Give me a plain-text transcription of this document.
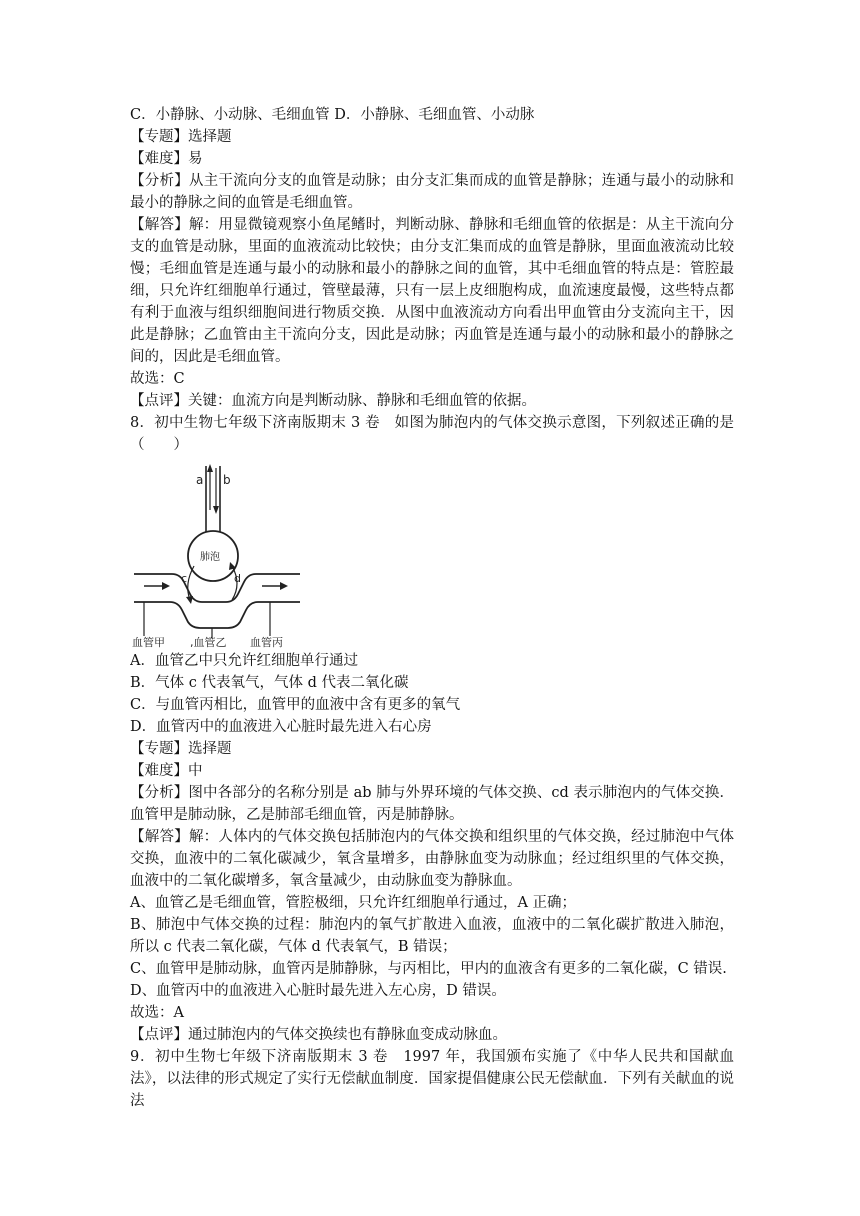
C．小静脉、小动脉、毛细血管 D．小静脉、毛细血管、小动脉
【专题】选择题
【难度】易
【分析】从主干流向分支的血管是动脉；由分支汇集而成的血管是静脉；连通与最小的动脉和最小的静脉之间的血管是毛细血管。
【解答】解：用显微镜观察小鱼尾鳍时，判断动脉、静脉和毛细血管的依据是：从主干流向分支的血管是动脉，里面的血液流动比较快；由分支汇集而成的血管是静脉，里面血液流动比较慢；毛细血管是连通与最小的动脉和最小的静脉之间的血管，其中毛细血管的特点是：管腔最细，只允许红细胞单行通过，管壁最薄，只有一层上皮细胞构成，血流速度最慢，这些特点都有利于血液与组织细胞间进行物质交换．从图中血液流动方向看出甲血管由分支流向主干，因此是静脉；乙血管由主干流向分支，因此是动脉；丙血管是连通与最小的动脉和最小的静脉之间的，因此是毛细血管。
故选：C
【点评】关键：血流方向是判断动脉、静脉和毛细血管的依据。
8．初中生物七年级下济南版期末 3 卷　如图为肺泡内的气体交换示意图，下列叙述正确的是（　　）
a b
肺泡
c	d
血管甲 ,血管乙 血管丙
A．血管乙中只允许红细胞单行通过
B．气体 c 代表氧气，气体 d 代表二氧化碳
C．与血管丙相比，血管甲的血液中含有更多的氧气
D．血管丙中的血液进入心脏时最先进入右心房
【专题】选择题
【难度】中
【分析】图中各部分的名称分别是 ab 肺与外界环境的气体交换、cd 表示肺泡内的气体交换．血管甲是肺动脉，乙是肺部毛细血管，丙是肺静脉。
【解答】解：人体内的气体交换包括肺泡内的气体交换和组织里的气体交换，经过肺泡中气体交换，血液中的二氧化碳减少，氧含量增多，由静脉血变为动脉血；经过组织里的气体交换，血液中的二氧化碳增多，氧含量减少，由动脉血变为静脉血。
A、血管乙是毛细血管，管腔极细，只允许红细胞单行通过，A 正确；
B、肺泡中气体交换的过程：肺泡内的氧气扩散进入血液，血液中的二氧化碳扩散进入肺泡，所以 c 代表二氧化碳，气体 d 代表氧气，B 错误；
C、血管甲是肺动脉，血管丙是肺静脉，与丙相比，甲内的血液含有更多的二氧化碳，C 错误.
D、血管丙中的血液进入心脏时最先进入左心房，D 错误。
故选：A
【点评】通过肺泡内的气体交换续也有静脉血变成动脉血。
9．初中生物七年级下济南版期末 3 卷　1997 年，我国颁布实施了《中华人民共和国献血法》，以法律的形式规定了实行无偿献血制度．国家提倡健康公民无偿献血．下列有关献血的说法
